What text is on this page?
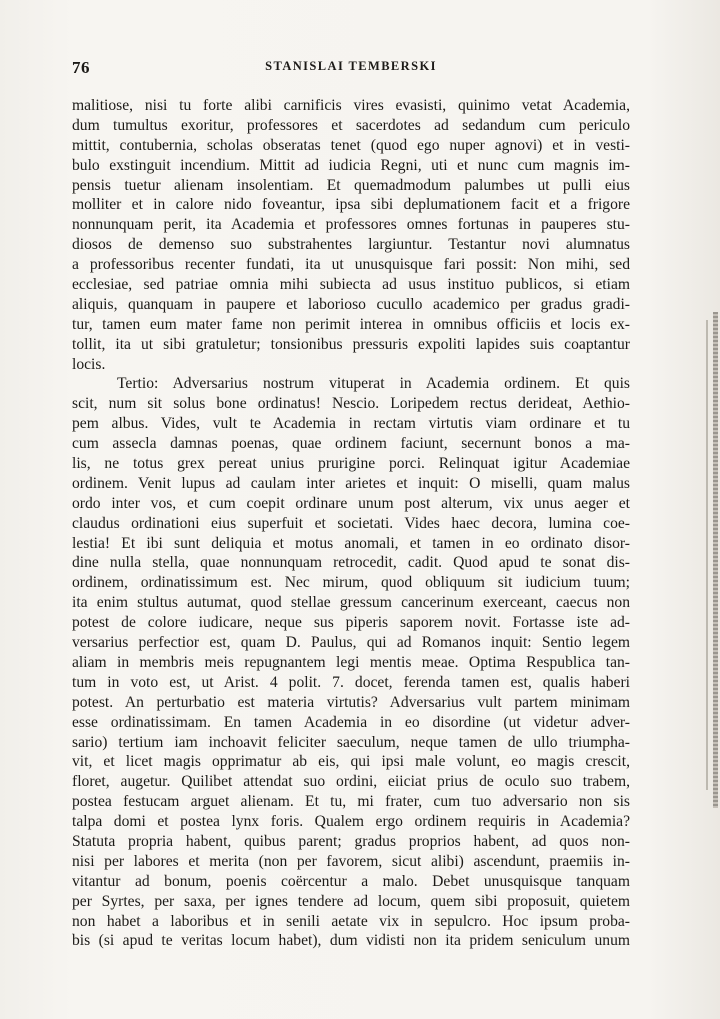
76	STANISLAI TEMBERSKI
malitiose, nisi tu forte alibi carnificis vires evasisti, quinimo vetat Academia,
dum tumultus exoritur, professores et sacerdotes ad sedandum cum periculo
mittit, contubernia, scholas obseratas tenet (quod ego nuper agnovi) et in vesti-
bulo exstinguit incendium. Mittit ad iudicia Regni, uti et nunc cum magnis im-
pensis tuetur alienam insolentiam. Et quemadmodum palumbes ut pulli eius
molliter et in calore nido foveantur, ipsa sibi deplumationem facit et a frigore
nonnunquam perit, ita Academia et professores omnes fortunas in pauperes stu-
diosos de demenso suo substrahentes largiuntur. Testantur novi alumnatus
a professoribus recenter fundati, ita ut unusquisque fari possit: Non mihi, sed
ecclesiae, sed patriae omnia mihi subiecta ad usus instituo publicos, si etiam
aliquis, quanquam in paupere et laborioso cucullo academico per gradus gradi-
tur, tamen eum mater fame non perimit interea in omnibus officiis et locis ex-
tollit, ita ut sibi gratuletur; tonsionibus pressuris expoliti lapides suis coaptantur
locis.
Tertio: Adversarius nostrum vituperat in Academia ordinem. Et quis
scit, num sit solus bone ordinatus! Nescio. Loripedem rectus derideat, Aethio-
pem albus. Vides, vult te Academia in rectam virtutis viam ordinare et tu
cum assecla damnas poenas, quae ordinem faciunt, secernunt bonos a ma-
lis, ne totus grex pereat unius prurigine porci. Relinquat igitur Academiae
ordinem. Venit lupus ad caulam inter arietes et inquit: O miselli, quam malus
ordo inter vos, et cum coepit ordinare unum post alterum, vix unus aeger et
claudus ordinationi eius superfuit et societati. Vides haec decora, lumina coe-
lestia! Et ibi sunt deliquia et motus anomali, et tamen in eo ordinato disor-
dine nulla stella, quae nonnunquam retrocedit, cadit. Quod apud te sonat dis-
ordinem, ordinatissimum est. Nec mirum, quod obliquum sit iudicium tuum;
ita enim stultus autumat, quod stellae gressum cancerinum exerceant, caecus non
potest de colore iudicare, neque sus piperis saporem novit. Fortasse iste ad-
versarius perfectior est, quam D. Paulus, qui ad Romanos inquit: Sentio legem
aliam in membris meis repugnantem legi mentis meae. Optima Respublica tan-
tum in voto est, ut Arist. 4 polit. 7. docet, ferenda tamen est, qualis haberi
potest. An perturbatio est materia virtutis? Adversarius vult partem minimam
esse ordinatissimam. En tamen Academia in eo disordine (ut videtur adver-
sario) tertium iam inchoavit feliciter saeculum, neque tamen de ullo triumpha-
vit, et licet magis opprimatur ab eis, qui ipsi male volunt, eo magis crescit,
floret, augetur. Quilibet attendat suo ordini, eiiciat prius de oculo suo trabem,
postea festucam arguet alienam. Et tu, mi frater, cum tuo adversario non sis
talpa domi et postea lynx foris. Qualem ergo ordinem requiris in Academia?
Statuta propria habent, quibus parent; gradus proprios habent, ad quos non-
nisi per labores et merita (non per favorem, sicut alibi) ascendunt, praemiis in-
vitantur ad bonum, poenis coërcentur a malo. Debet unusquisque tanquam
per Syrtes, per saxa, per ignes tendere ad locum, quem sibi proposuit, quietem
non habet a laboribus et in senili aetate vix in sepulcro. Hoc ipsum proba-
bis (si apud te veritas locum habet), dum vidisti non ita pridem seniculum unum
